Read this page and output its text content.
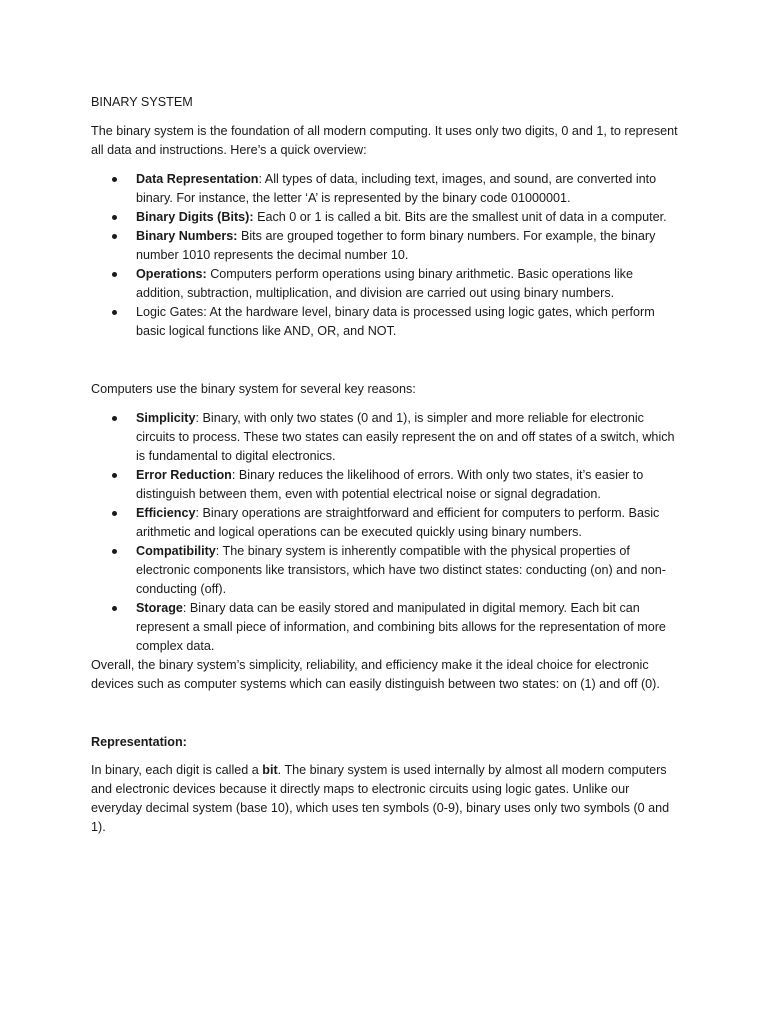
BINARY SYSTEM

The binary system is the foundation of all modern computing. It uses only two digits, 0 and 1, to represent all data and instructions. Here’s a quick overview:

Data Representation: All types of data, including text, images, and sound, are converted into binary. For instance, the letter ‘A’ is represented by the binary code 01000001.
Binary Digits (Bits): Each 0 or 1 is called a bit. Bits are the smallest unit of data in a computer.
Binary Numbers: Bits are grouped together to form binary numbers. For example, the binary number 1010 represents the decimal number 10.
Operations: Computers perform operations using binary arithmetic. Basic operations like addition, subtraction, multiplication, and division are carried out using binary numbers.
Logic Gates: At the hardware level, binary data is processed using logic gates, which perform basic logical functions like AND, OR, and NOT.

Computers use the binary system for several key reasons:

Simplicity: Binary, with only two states (0 and 1), is simpler and more reliable for electronic circuits to process. These two states can easily represent the on and off states of a switch, which is fundamental to digital electronics.
Error Reduction: Binary reduces the likelihood of errors. With only two states, it’s easier to distinguish between them, even with potential electrical noise or signal degradation.
Efficiency: Binary operations are straightforward and efficient for computers to perform. Basic arithmetic and logical operations can be executed quickly using binary numbers.
Compatibility: The binary system is inherently compatible with the physical properties of electronic components like transistors, which have two distinct states: conducting (on) and non-conducting (off).
Storage: Binary data can be easily stored and manipulated in digital memory. Each bit can represent a small piece of information, and combining bits allows for the representation of more complex data.

Overall, the binary system’s simplicity, reliability, and efficiency make it the ideal choice for electronic devices such as computer systems which can easily distinguish between two states: on (1) and off (0).

Representation:

In binary, each digit is called a bit. The binary system is used internally by almost all modern computers and electronic devices because it directly maps to electronic circuits using logic gates. Unlike our everyday decimal system (base 10), which uses ten symbols (0-9), binary uses only two symbols (0 and 1).
